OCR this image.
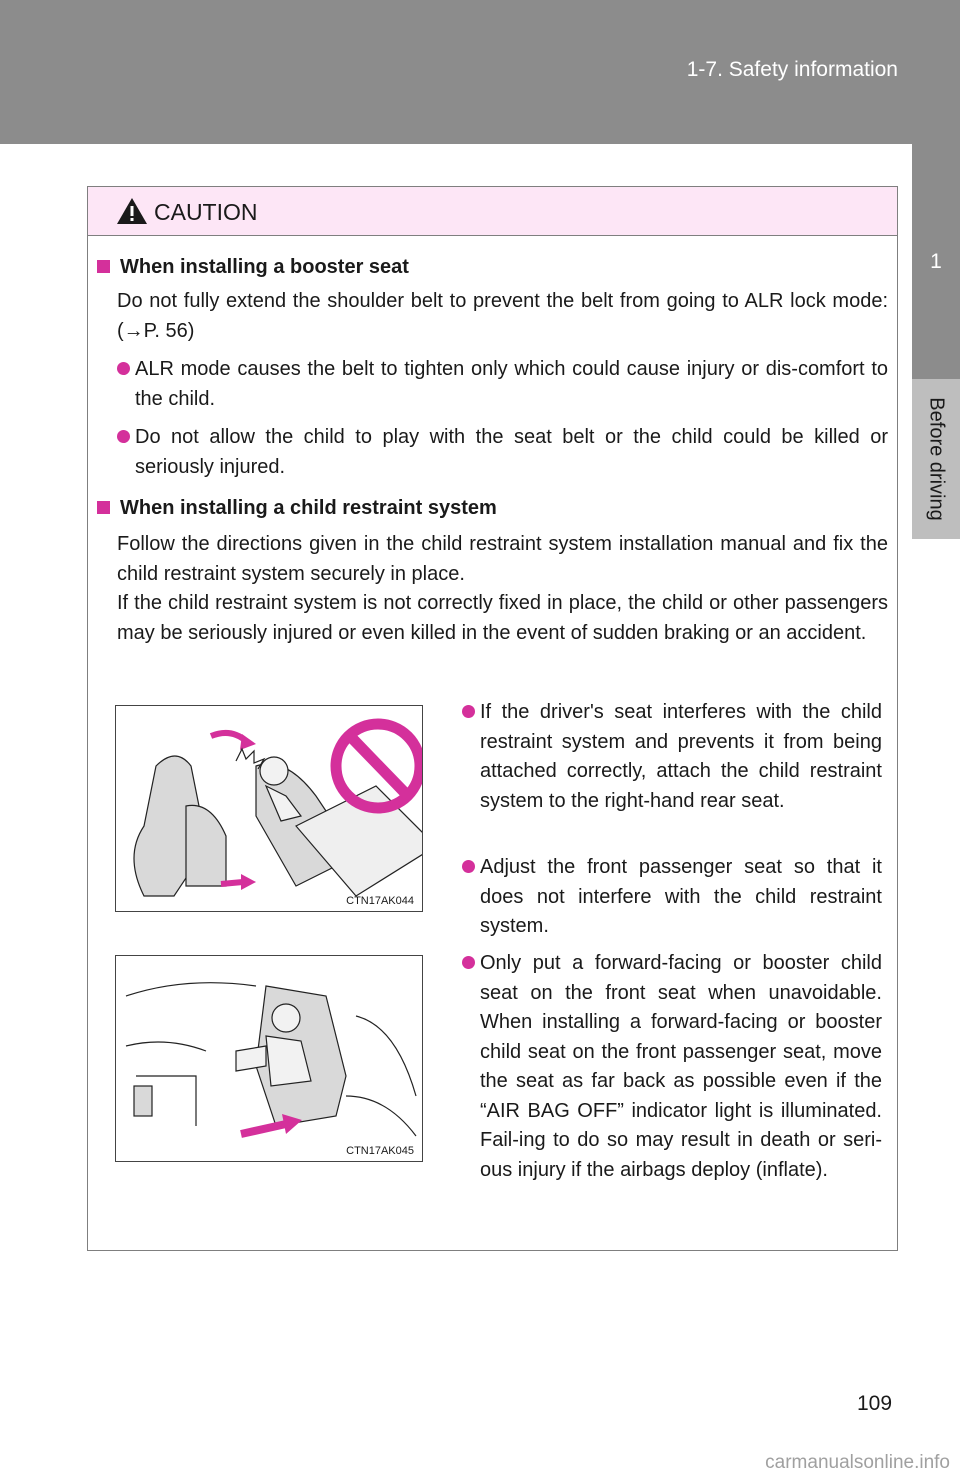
1-7. Safety information
1
Before driving
CAUTION
When installing a booster seat
Do not fully extend the shoulder belt to prevent the belt from going to ALR lock mode: (→P. 56)
ALR mode causes the belt to tighten only which could cause injury or dis-comfort to the child.
Do not allow the child to play with the seat belt or the child could be killed or seriously injured.
When installing a child restraint system
Follow the directions given in the child restraint system installation manual and fix the child restraint system securely in place.
If the child restraint system is not correctly fixed in place, the child or other passengers may be seriously injured or even killed in the event of sudden braking or an accident.
CTN17AK044
CTN17AK045
If the driver's seat interferes with the child restraint system and prevents it from being attached correctly, attach the child restraint system to the right-hand rear seat.
Adjust the front passenger seat so that it does not interfere with the child restraint system.
Only put a forward-facing or booster child seat on the front seat when unavoidable. When installing a forward-facing or booster child seat on the front passenger seat, move the seat as far back as possible even if the “AIR BAG OFF” indicator light is illuminated. Fail-ing to do so may result in death or seri-ous injury if the airbags deploy (inflate).
109
carmanualsonline.info
